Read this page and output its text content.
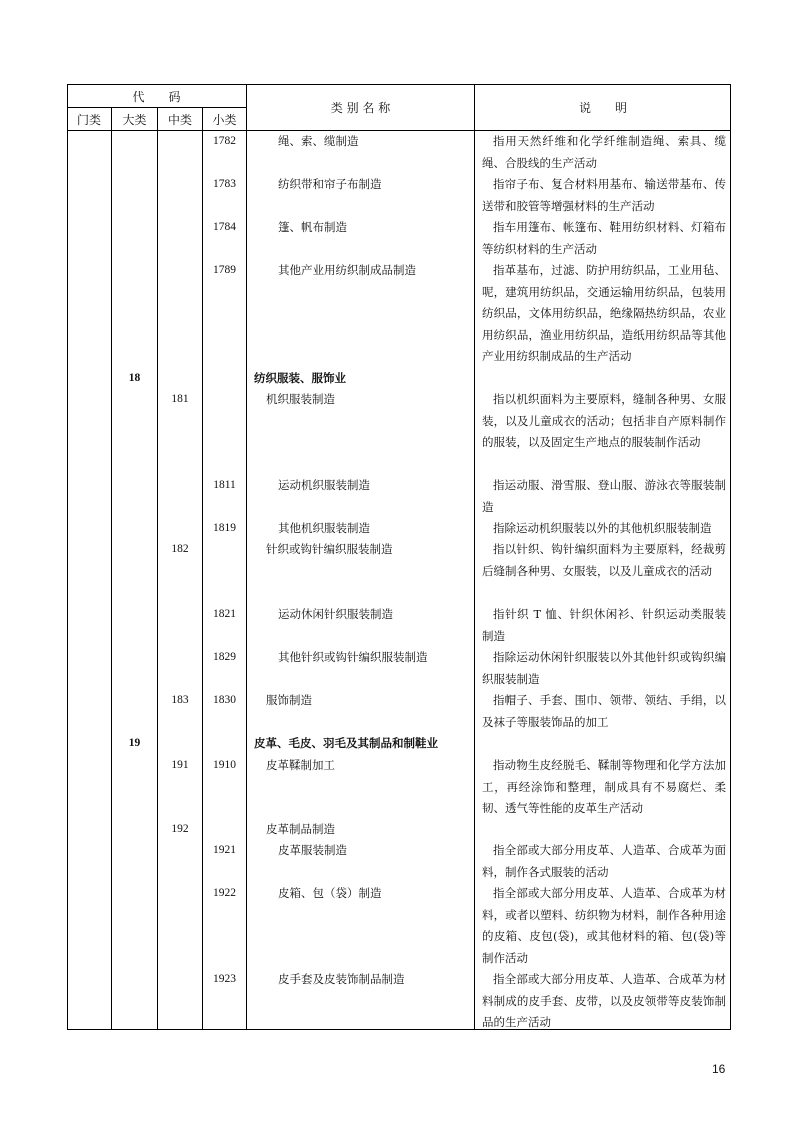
代　　码
门类	大类	中类	小类
类 别 名 称	说　　明
1782	绳、索、缆制造	指用天然纤维和化学纤维制造绳、索具、缆绳、合股线的生产活动
1783	纺织带和帘子布制造	指帘子布、复合材料用基布、输送带基布、传送带和胶管等增强材料的生产活动
1784	篷、帆布制造	指车用篷布、帐篷布、鞋用纺织材料、灯箱布等纺织材料的生产活动
1789	其他产业用纺织制成品制造	指革基布，过滤、防护用纺织品，工业用毡、呢，建筑用纺织品，交通运输用纺织品，包装用纺织品，文体用纺织品，绝缘隔热纺织品，农业用纺织品，渔业用纺织品，造纸用纺织品等其他产业用纺织制成品的生产活动
18	纺织服装、服饰业
181	机织服装制造	指以机织面料为主要原料，缝制各种男、女服装，以及儿童成衣的活动；包括非自产原料制作的服装，以及固定生产地点的服装制作活动
1811	运动机织服装制造	指运动服、滑雪服、登山服、游泳衣等服装制造
1819	其他机织服装制造	指除运动机织服装以外的其他机织服装制造
182	针织或钩针编织服装制造	指以针织、钩针编织面料为主要原料，经裁剪后缝制各种男、女服装，以及儿童成衣的活动
1821	运动休闲针织服装制造	指针织 T 恤、针织休闲衫、针织运动类服装制造
1829	其他针织或钩针编织服装制造	指除运动休闲针织服装以外其他针织或钩织编织服装制造
183	1830	服饰制造	指帽子、手套、围巾、领带、领结、手绢，以及袜子等服装饰品的加工
19	皮革、毛皮、羽毛及其制品和制鞋业
191	1910	皮革鞣制加工	指动物生皮经脱毛、鞣制等物理和化学方法加工，再经涂饰和整理，制成具有不易腐烂、柔韧、透气等性能的皮革生产活动
192	皮革制品制造
1921	皮革服装制造	指全部或大部分用皮革、人造革、合成革为面料，制作各式服装的活动
1922	皮箱、包（袋）制造	指全部或大部分用皮革、人造革、合成革为材料，或者以塑料、纺织物为材料，制作各种用途的皮箱、皮包(袋)，或其他材料的箱、包(袋)等制作活动
1923	皮手套及皮装饰制品制造	指全部或大部分用皮革、人造革、合成革为材料制成的皮手套、皮带，以及皮领带等皮装饰制品的生产活动
16
